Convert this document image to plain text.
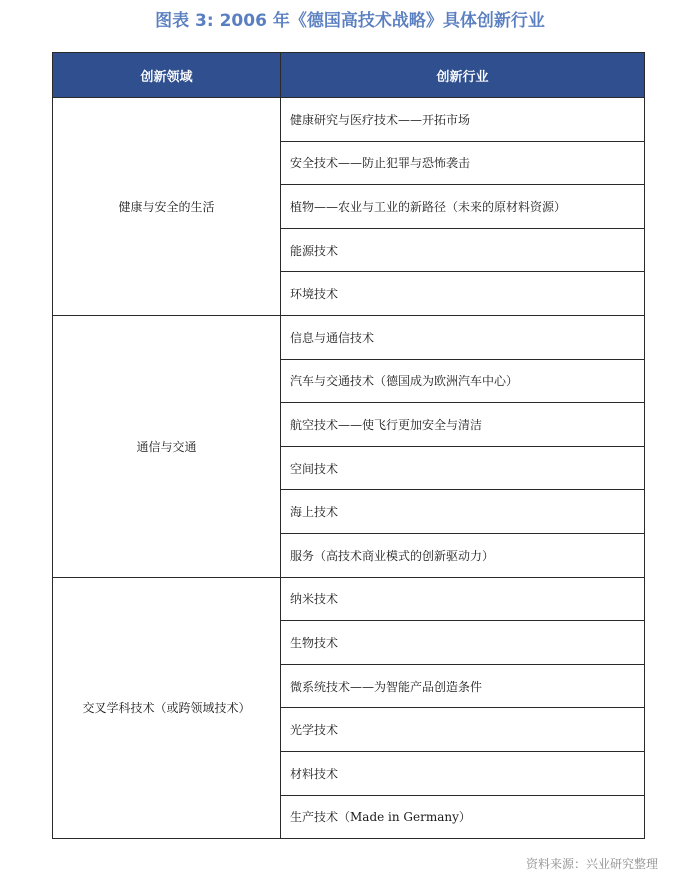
图表 3: 2006 年《德国高技术战略》具体创新行业
创新领域	创新行业
健康与安全的生活	健康研究与医疗技术——开拓市场
	安全技术——防止犯罪与恐怖袭击
	植物——农业与工业的新路径（未来的原材料资源）
	能源技术
	环境技术
通信与交通	信息与通信技术
	汽车与交通技术（德国成为欧洲汽车中心）
	航空技术——使飞行更加安全与清洁
	空间技术
	海上技术
	服务（高技术商业模式的创新驱动力）
交叉学科技术（或跨领域技术）	纳米技术
	生物技术
	微系统技术——为智能产品创造条件
	光学技术
	材料技术
	生产技术（Made in Germany）
资料来源：兴业研究整理
